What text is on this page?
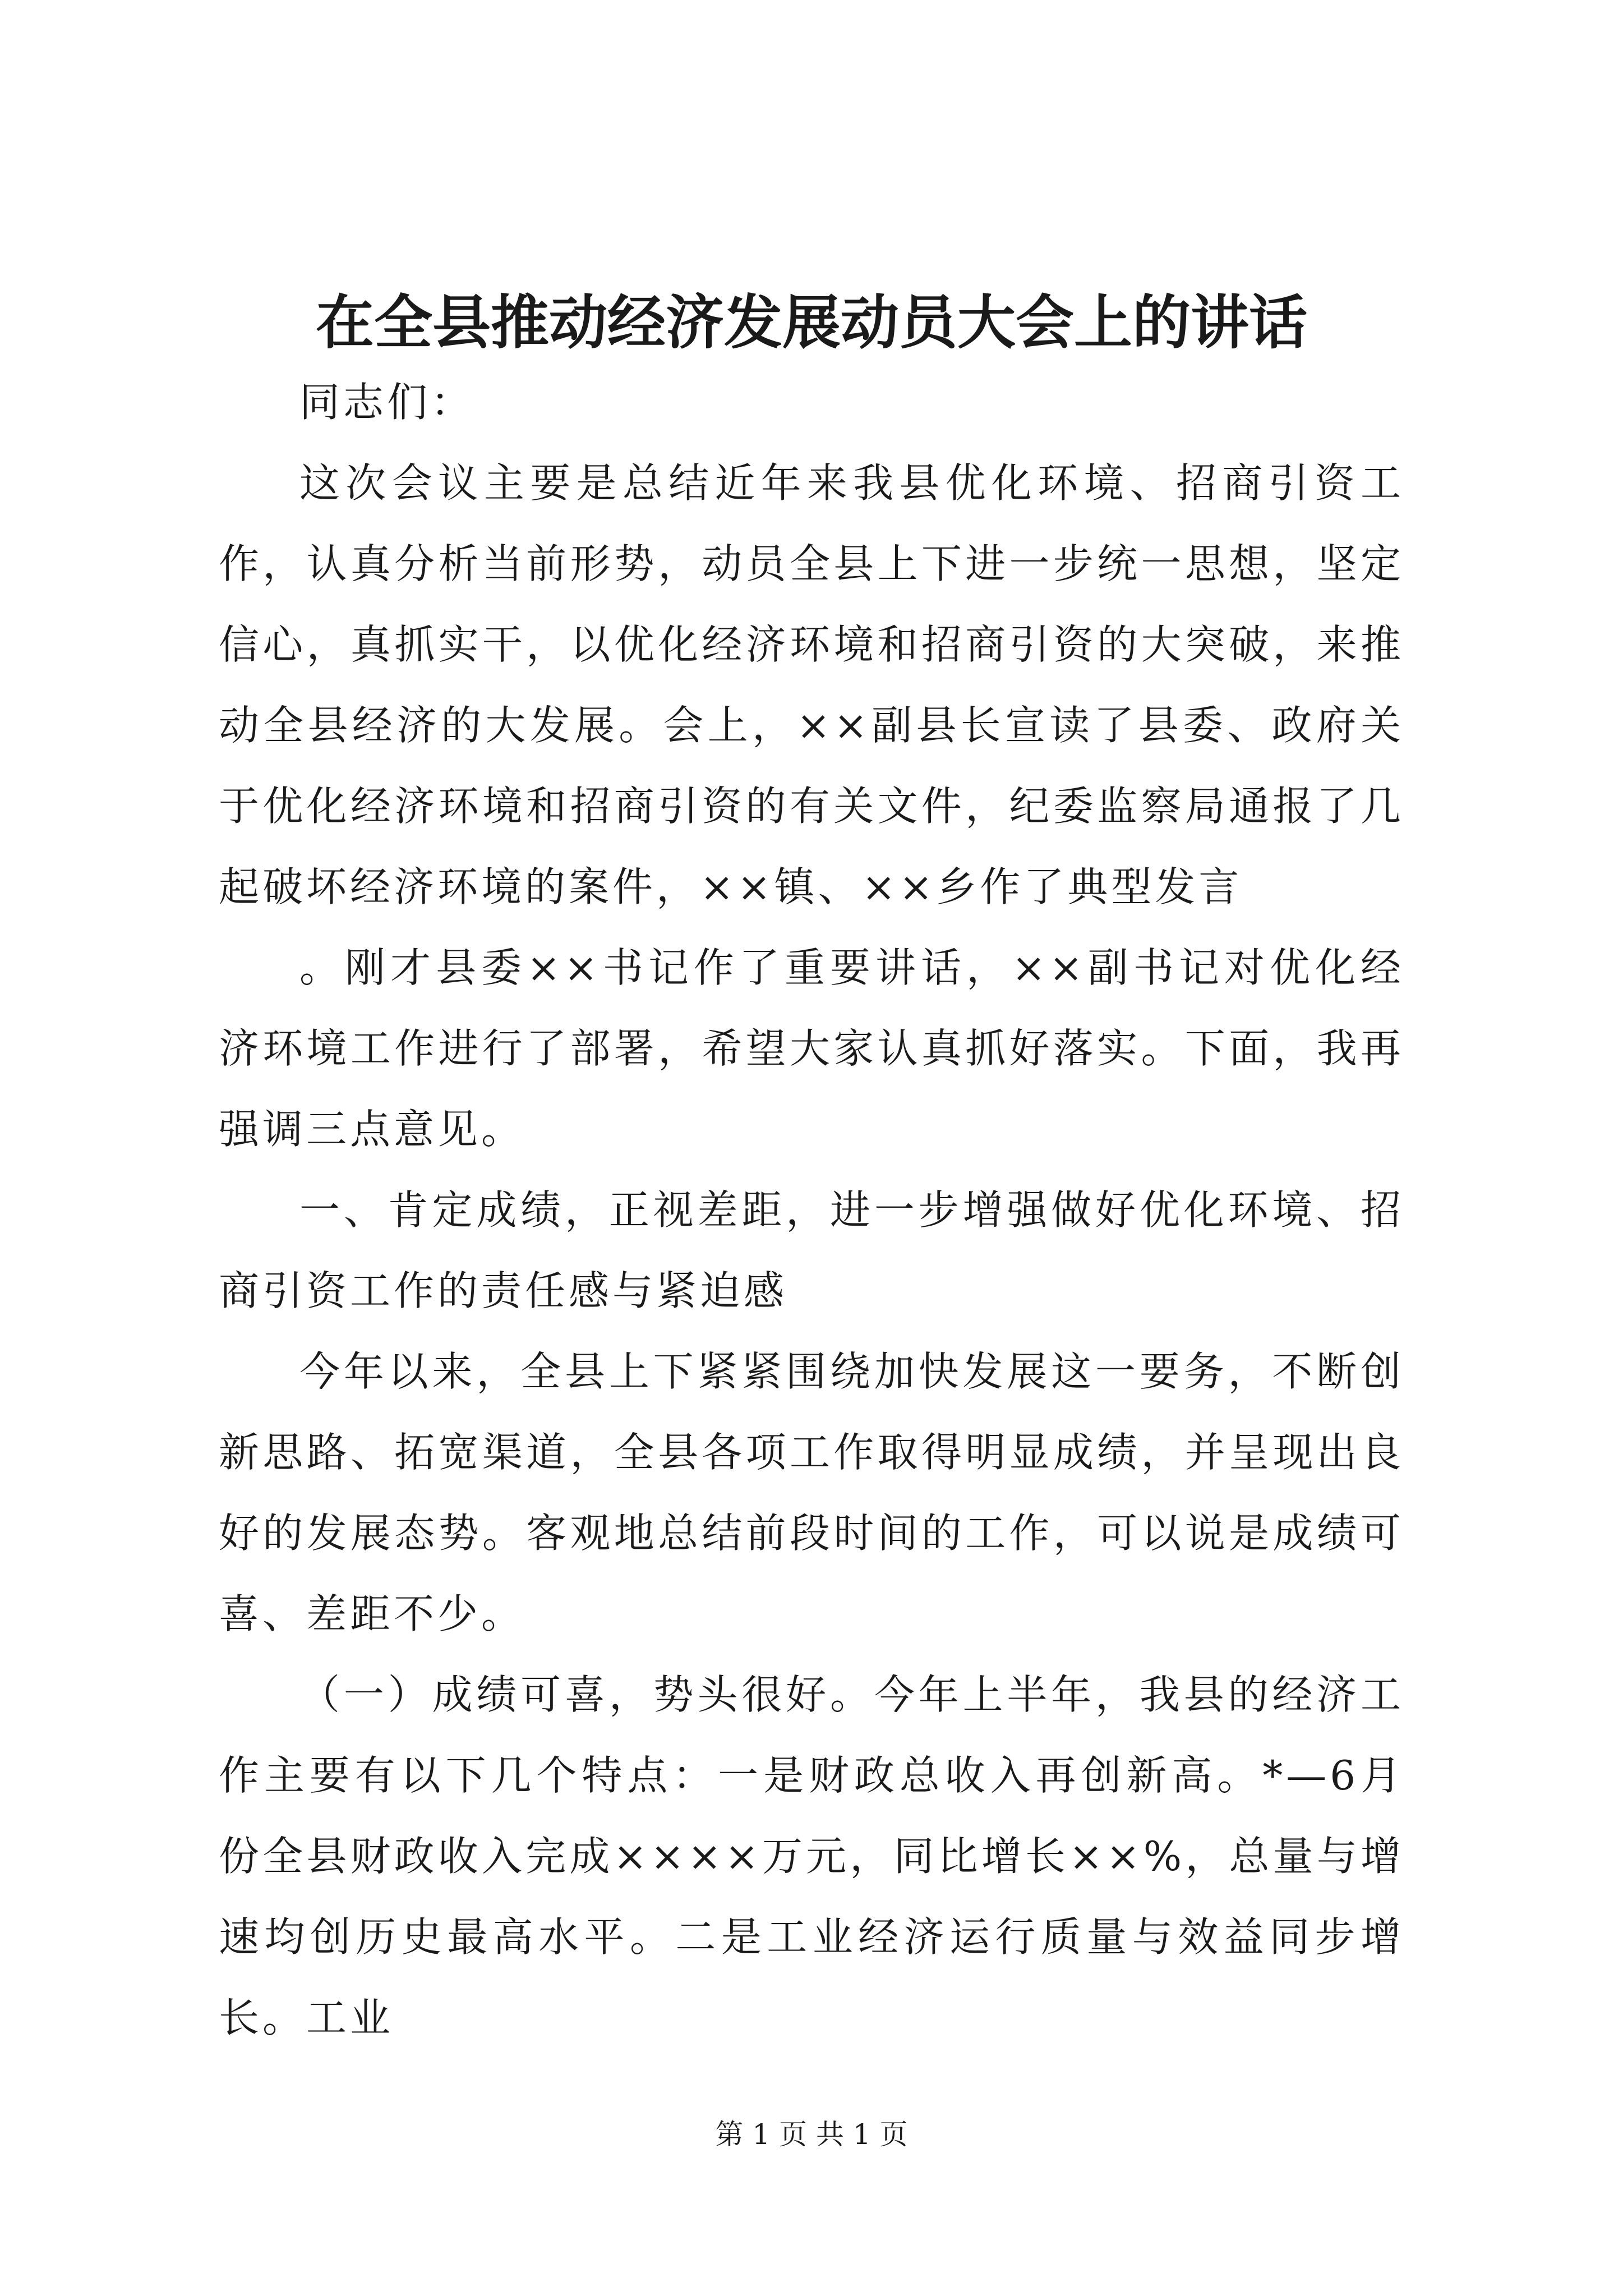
在全县推动经济发展动员大会上的讲话

同志们：

这次会议主要是总结近年来我县优化环境、招商引资工作，认真分析当前形势，动员全县上下进一步统一思想，坚定信心，真抓实干，以优化经济环境和招商引资的大突破，来推动全县经济的大发展。会上，××副县长宣读了县委、政府关于优化经济环境和招商引资的有关文件，纪委监察局通报了几起破坏经济环境的案件，××镇、××乡作了典型发言

。刚才县委××书记作了重要讲话，××副书记对优化经济环境工作进行了部署，希望大家认真抓好落实。下面，我再强调三点意见。

一、肯定成绩，正视差距，进一步增强做好优化环境、招商引资工作的责任感与紧迫感

今年以来，全县上下紧紧围绕加快发展这一要务，不断创新思路、拓宽渠道，全县各项工作取得明显成绩，并呈现出良好的发展态势。客观地总结前段时间的工作，可以说是成绩可喜、差距不少。

（一）成绩可喜，势头很好。今年上半年，我县的经济工作主要有以下几个特点：一是财政总收入再创新高。*—6月份全县财政收入完成××××万元，同比增长××%，总量与增速均创历史最高水平。二是工业经济运行质量与效益同步增长。工业

第 1 页 共 1 页
